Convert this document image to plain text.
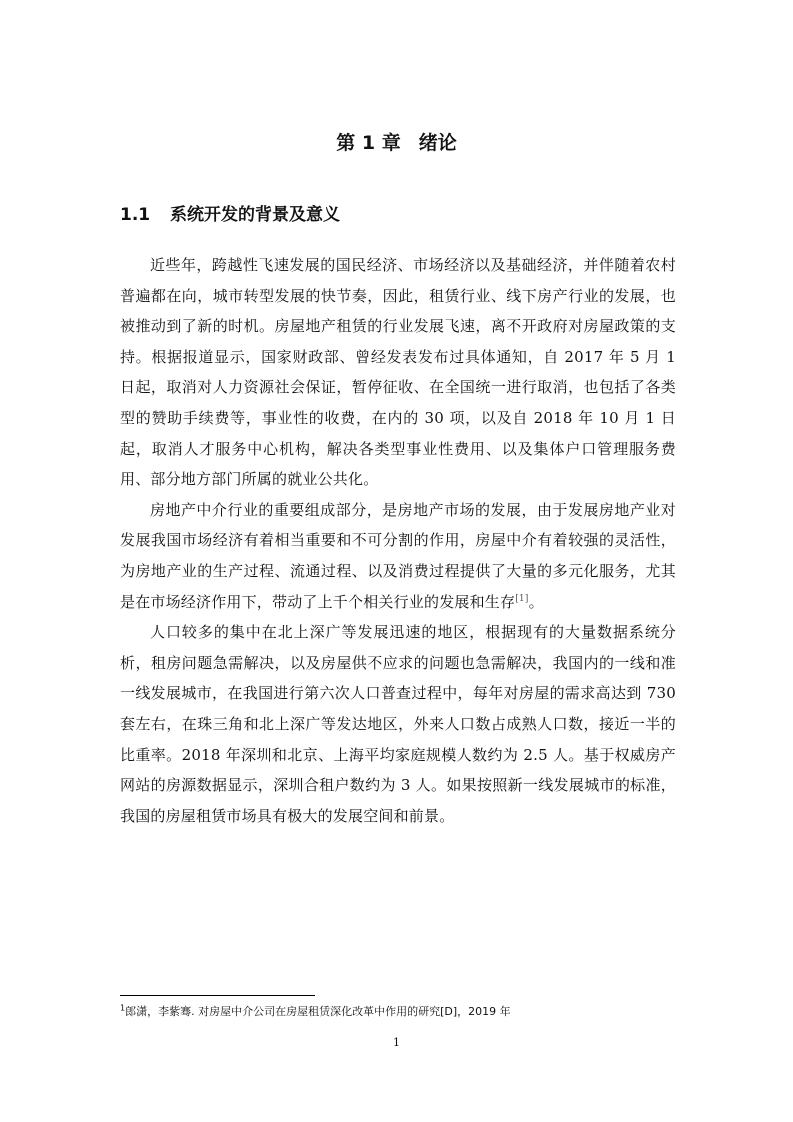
第 1 章 绪论
1.1 系统开发的背景及意义

近些年，跨越性飞速发展的国民经济、市场经济以及基础经济，并伴随着农村普遍都在向，城市转型发展的快节奏，因此，租赁行业、线下房产行业的发展，也被推动到了新的时机。房屋地产租赁的行业发展飞速，离不开政府对房屋政策的支持。根据报道显示，国家财政部、曾经发表发布过具体通知，自 2017 年 5 月 1 日起，取消对人力资源社会保证，暂停征收、在全国统一进行取消，也包括了各类型的赞助手续费等，事业性的收费，在内的 30 项，以及自 2018 年 10 月 1 日起，取消人才服务中心机构，解决各类型事业性费用、以及集体户口管理服务费用、部分地方部门所属的就业公共化。

房地产中介行业的重要组成部分，是房地产市场的发展，由于发展房地产业对发展我国市场经济有着相当重要和不可分割的作用，房屋中介有着较强的灵活性，为房地产业的生产过程、流通过程、以及消费过程提供了大量的多元化服务，尤其是在市场经济作用下，带动了上千个相关行业的发展和生存[1]。

人口较多的集中在北上深广等发展迅速的地区，根据现有的大量数据系统分析，租房问题急需解决，以及房屋供不应求的问题也急需解决，我国内的一线和准一线发展城市，在我国进行第六次人口普查过程中，每年对房屋的需求高达到 730 套左右，在珠三角和北上深广等发达地区，外来人口数占成熟人口数，接近一半的比重率。2018 年深圳和北京、上海平均家庭规模人数约为 2.5 人。基于权威房产网站的房源数据显示，深圳合租户数约为 3 人。如果按照新一线发展城市的标准，我国的房屋租赁市场具有极大的发展空间和前景。

$^1$郎潇，李紫骞. 对房屋中介公司在房屋租赁深化改革中作用的研究[D]，2019 年
1
